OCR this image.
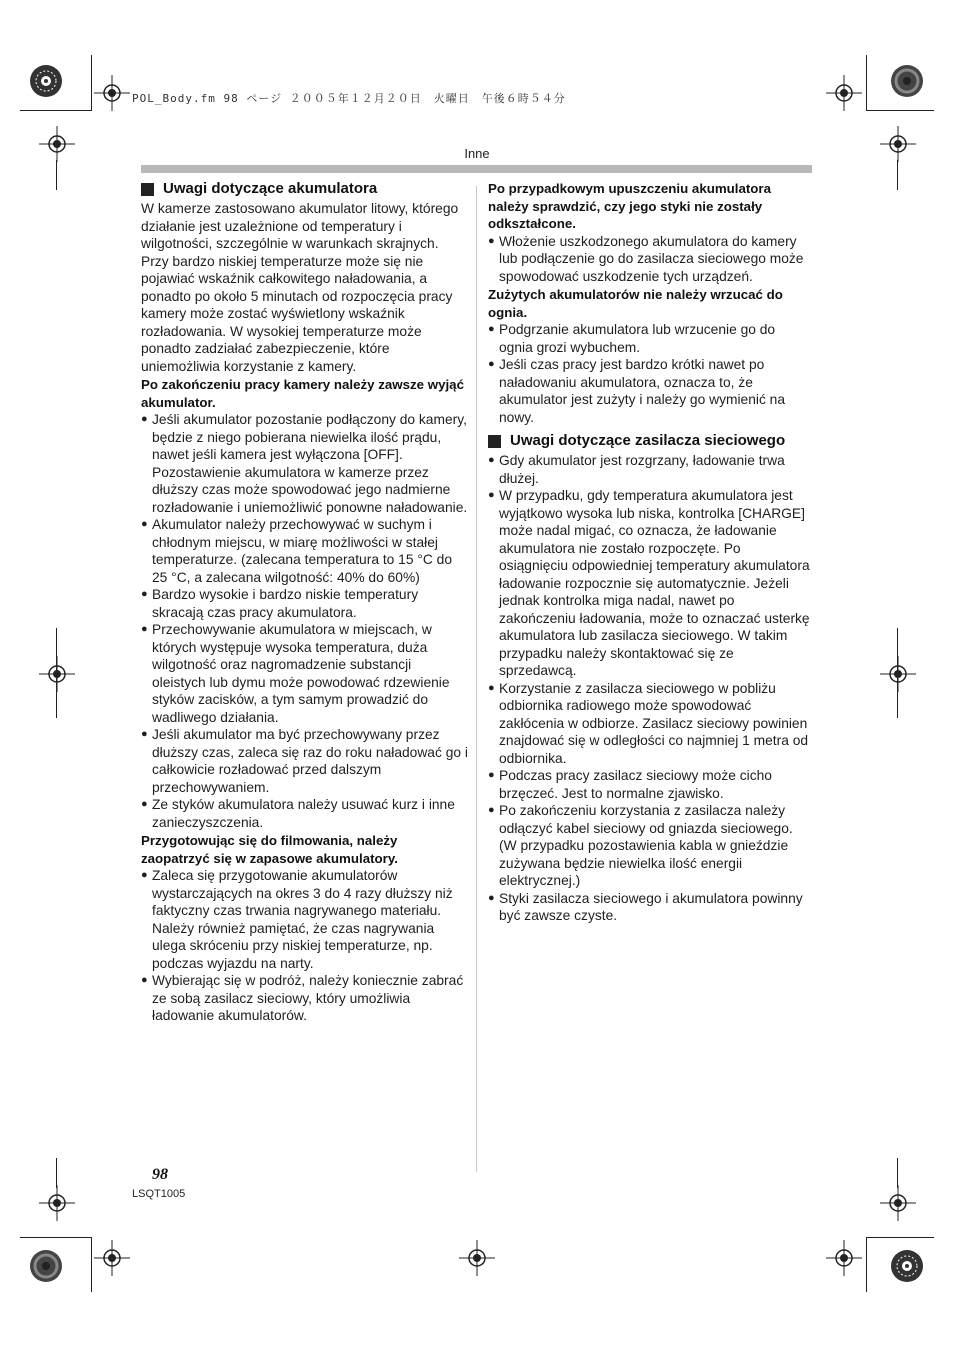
POL_Body.fm 98 ページ ２００５年１２月２０日　火曜日　午後６時５４分
Inne
Uwagi dotyczące akumulatora

W kamerze zastosowano akumulator litowy, którego działanie jest uzależnione od temperatury i wilgotności, szczególnie w warunkach skrajnych. Przy bardzo niskiej temperaturze może się nie pojawiać wskaźnik całkowitego naładowania, a ponadto po około 5 minutach od rozpoczęcia pracy kamery może zostać wyświetlony wskaźnik rozładowania. W wysokiej temperaturze może ponadto zadziałać zabezpieczenie, które uniemożliwia korzystanie z kamery.

Po zakończeniu pracy kamery należy zawsze wyjąć akumulator.

● Jeśli akumulator pozostanie podłączony do kamery, będzie z niego pobierana niewielka ilość prądu, nawet jeśli kamera jest wyłączona [OFF]. Pozostawienie akumulatora w kamerze przez dłuższy czas może spowodować jego nadmierne rozładowanie i uniemożliwić ponowne naładowanie.
● Akumulator należy przechowywać w suchym i chłodnym miejscu, w miarę możliwości w stałej temperaturze. (zalecana temperatura to 15 °C do 25 °C, a zalecana wilgotność: 40% do 60%)
● Bardzo wysokie i bardzo niskie temperatury skracają czas pracy akumulatora.
● Przechowywanie akumulatora w miejscach, w których występuje wysoka temperatura, duża wilgotność oraz nagromadzenie substancji oleistych lub dymu może powodować rdzewienie styków zacisków, a tym samym prowadzić do wadliwego działania.
● Jeśli akumulator ma być przechowywany przez dłuższy czas, zaleca się raz do roku naładować go i całkowicie rozładować przed dalszym przechowywaniem.
● Ze styków akumulatora należy usuwać kurz i inne zanieczyszczenia.

Przygotowując się do filmowania, należy zaopatrzyć się w zapasowe akumulatory.

● Zaleca się przygotowanie akumulatorów wystarczających na okres 3 do 4 razy dłuższy niż faktyczny czas trwania nagrywanego materiału. Należy również pamiętać, że czas nagrywania ulega skróceniu przy niskiej temperaturze, np. podczas wyjazdu na narty.
● Wybierając się w podróż, należy koniecznie zabrać ze sobą zasilacz sieciowy, który umożliwia ładowanie akumulatorów.

Po przypadkowym upuszczeniu akumulatora należy sprawdzić, czy jego styki nie zostały odkształcone.

● Włożenie uszkodzonego akumulatora do kamery lub podłączenie go do zasilacza sieciowego może spowodować uszkodzenie tych urządzeń.

Zużytych akumulatorów nie należy wrzucać do ognia.

● Podgrzanie akumulatora lub wrzucenie go do ognia grozi wybuchem.
● Jeśli czas pracy jest bardzo krótki nawet po naładowaniu akumulatora, oznacza to, że akumulator jest zużyty i należy go wymienić na nowy.
Uwagi dotyczące zasilacza sieciowego
● Gdy akumulator jest rozgrzany, ładowanie trwa dłużej.
● W przypadku, gdy temperatura akumulatora jest wyjątkowo wysoka lub niska, kontrolka [CHARGE] może nadal migać, co oznacza, że ładowanie akumulatora nie zostało rozpoczęte. Po osiągnięciu odpowiedniej temperatury akumulatora ładowanie rozpocznie się automatycznie. Jeżeli jednak kontrolka miga nadal, nawet po zakończeniu ładowania, może to oznaczać usterkę akumulatora lub zasilacza sieciowego. W takim przypadku należy skontaktować się ze sprzedawcą.
● Korzystanie z zasilacza sieciowego w pobliżu odbiornika radiowego może spowodować zakłócenia w odbiorze. Zasilacz sieciowy powinien znajdować się w odległości co najmniej 1 metra od odbiornika.
● Podczas pracy zasilacz sieciowy może cicho brzęczeć. Jest to normalne zjawisko.
● Po zakończeniu korzystania z zasilacza należy odłączyć kabel sieciowy od gniazda sieciowego. (W przypadku pozostawienia kabla w gnieździe zużywana będzie niewielka ilość energii elektrycznej.)
● Styki zasilacza sieciowego i akumulatora powinny być zawsze czyste.
98
LSQT1005
